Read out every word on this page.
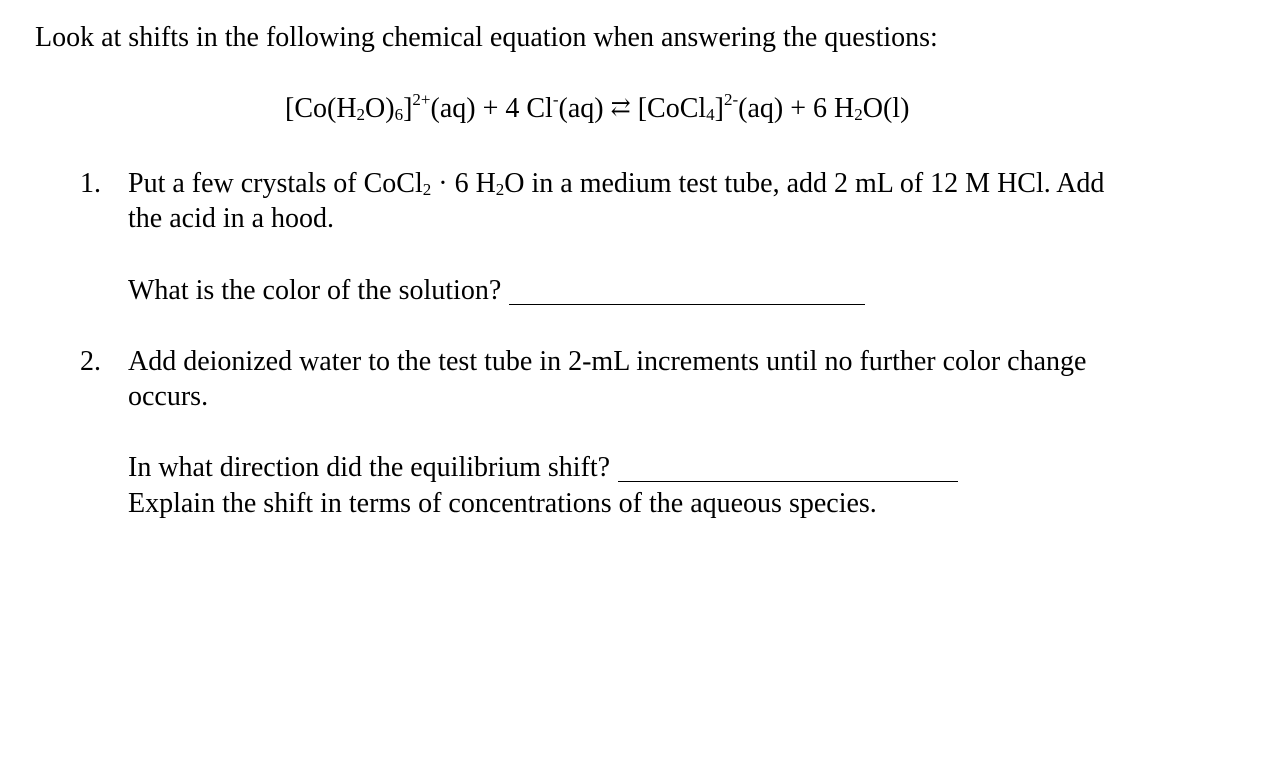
Look at shifts in the following chemical equation when answering the questions:
$[Co(H2O)6]^{2+}(aq) + 4$ Cl-(aq) ⇄ [CoCl4]$^{2-}$(aq) + 6 H2O(l)
1. Put a few crystals of CoCl2 · 6 H2O in a medium test tube, add 2 mL of 12 M HCl. Add
the acid in a hood.
What is the color of the solution?
2. Add deionized water to the test tube in 2-mL increments until no further color change
occurs.
In what direction did the equilibrium shift?
Explain the shift in terms of concentrations of the aqueous species.
